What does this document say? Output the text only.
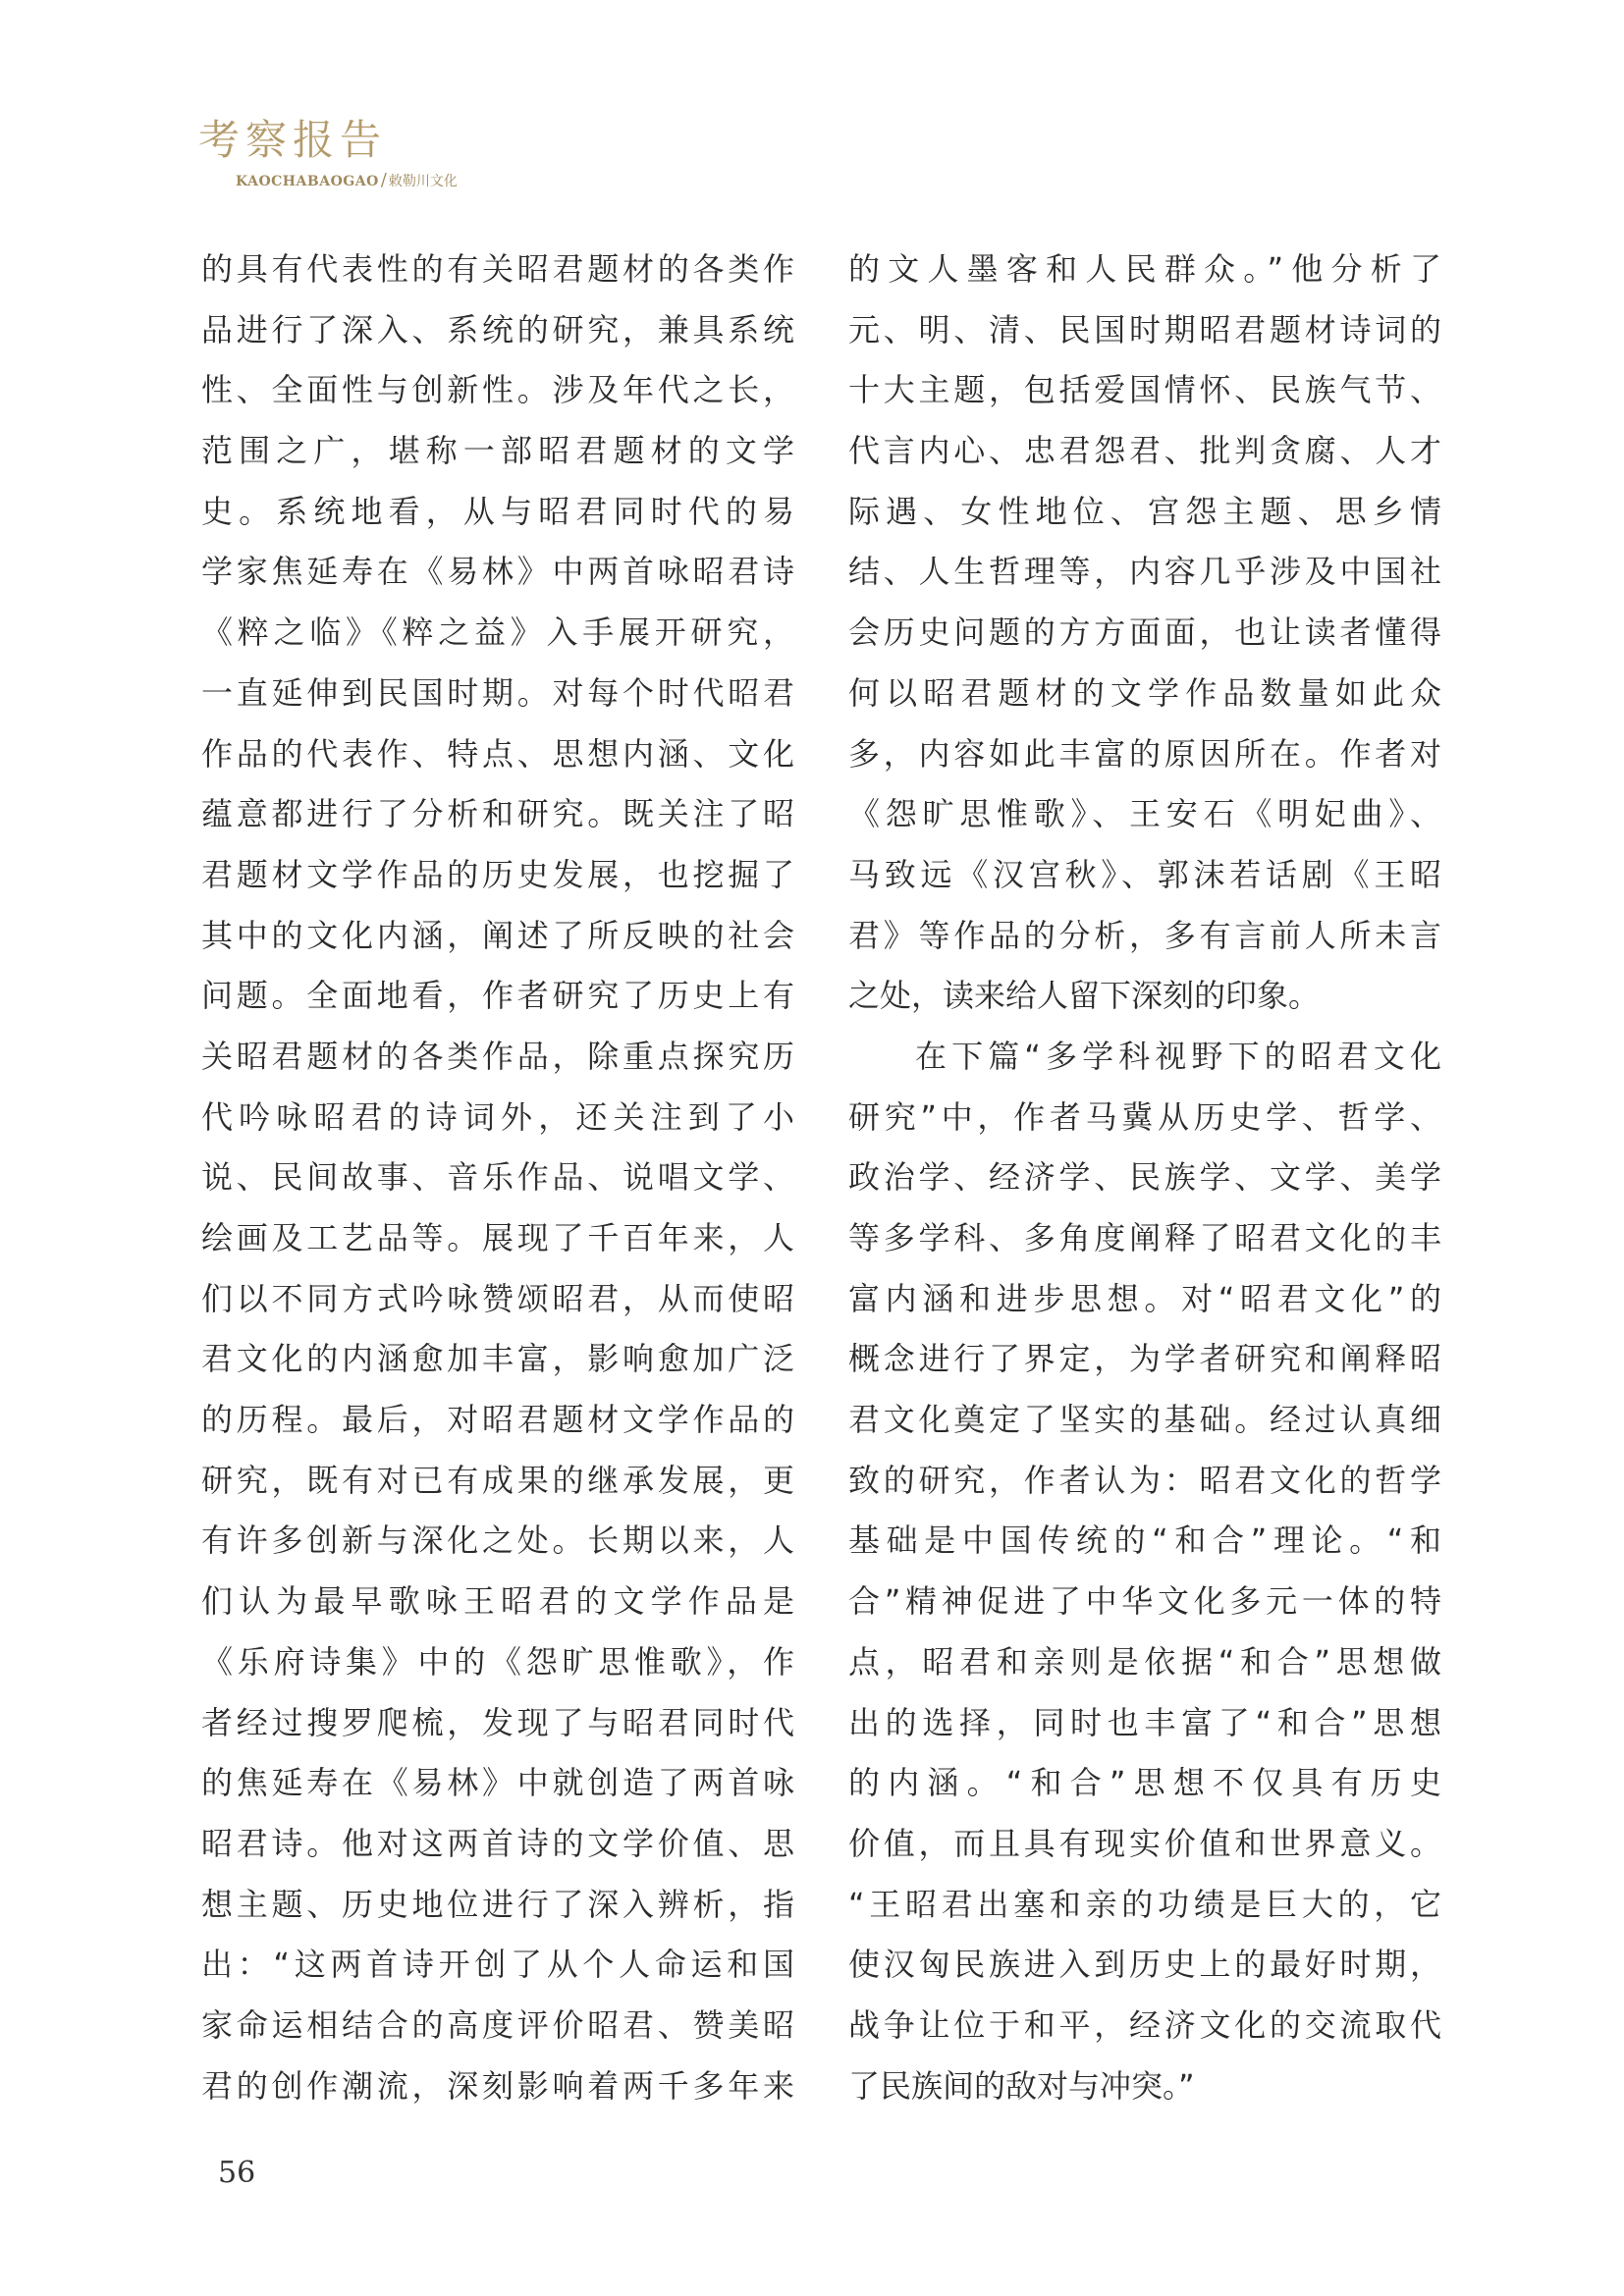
考察报告
KAOCHABAOGAO / 敕勒川文化
的具有代表性的有关昭君题材的各类作
品进行了深入、系统的研究，兼具系统
性、全面性与创新性。涉及年代之长，
范围之广，堪称一部昭君题材的文学
史。系统地看，从与昭君同时代的易
学家焦延寿在《易林》中两首咏昭君诗
《粹之临》《粹之益》入手展开研究，
一直延伸到民国时期。对每个时代昭君
作品的代表作、特点、思想内涵、文化
蕴意都进行了分析和研究。既关注了昭
君题材文学作品的历史发展，也挖掘了
其中的文化内涵，阐述了所反映的社会
问题。全面地看，作者研究了历史上有
关昭君题材的各类作品，除重点探究历
代吟咏昭君的诗词外，还关注到了小
说、民间故事、音乐作品、说唱文学、
绘画及工艺品等。展现了千百年来，人
们以不同方式吟咏赞颂昭君，从而使昭
君文化的内涵愈加丰富，影响愈加广泛
的历程。最后，对昭君题材文学作品的
研究，既有对已有成果的继承发展，更
有许多创新与深化之处。长期以来，人
们认为最早歌咏王昭君的文学作品是
《乐府诗集》中的《怨旷思惟歌》，作
者经过搜罗爬梳，发现了与昭君同时代
的焦延寿在《易林》中就创造了两首咏
昭君诗。他对这两首诗的文学价值、思
想主题、历史地位进行了深入辨析，指
出：“这两首诗开创了从个人命运和国
家命运相结合的高度评价昭君、赞美昭
君的创作潮流，深刻影响着两千多年来
的文人墨客和人民群众。”他分析了
元、明、清、民国时期昭君题材诗词的
十大主题，包括爱国情怀、民族气节、
代言内心、忠君怨君、批判贪腐、人才
际遇、女性地位、宫怨主题、思乡情
结、人生哲理等，内容几乎涉及中国社
会历史问题的方方面面，也让读者懂得
何以昭君题材的文学作品数量如此众
多，内容如此丰富的原因所在。作者对
《怨旷思惟歌》、王安石《明妃曲》、
马致远《汉宫秋》、郭沫若话剧《王昭
君》等作品的分析，多有言前人所未言
之处，读来给人留下深刻的印象。
在下篇“多学科视野下的昭君文化
研究”中，作者马冀从历史学、哲学、
政治学、经济学、民族学、文学、美学
等多学科、多角度阐释了昭君文化的丰
富内涵和进步思想。对“昭君文化”的
概念进行了界定，为学者研究和阐释昭
君文化奠定了坚实的基础。经过认真细
致的研究，作者认为：昭君文化的哲学
基础是中国传统的“和合”理论。“和
合”精神促进了中华文化多元一体的特
点，昭君和亲则是依据“和合”思想做
出的选择，同时也丰富了“和合”思想
的内涵。“和合”思想不仅具有历史
价值，而且具有现实价值和世界意义。
“王昭君出塞和亲的功绩是巨大的，它
使汉匈民族进入到历史上的最好时期，
战争让位于和平，经济文化的交流取代
了民族间的敌对与冲突。”
56
